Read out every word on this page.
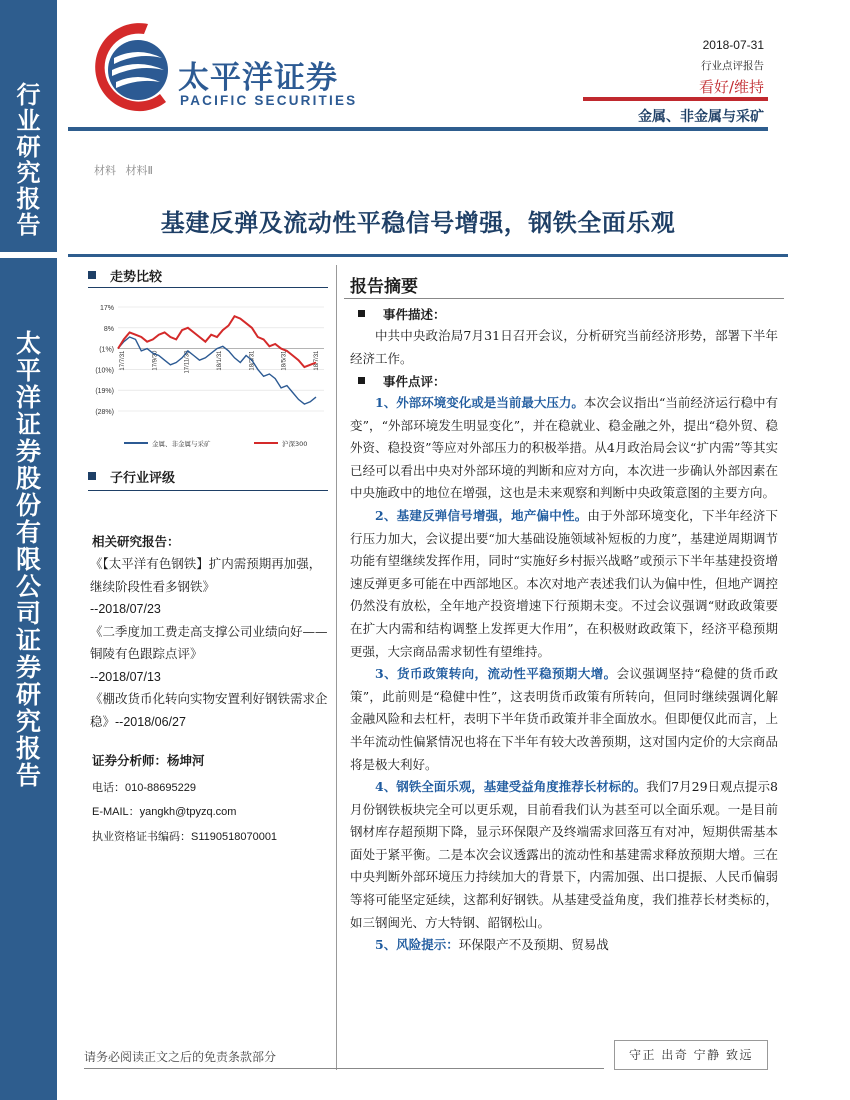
行
业
研
究
报
告
太
平
洋
证
券
股
份
有
限
公
司
证
券
研
究
报
告
太平洋证券
PACIFIC SECURITIES
2018-07-31
行业点评报告
看好/维持
金属、非金属与采矿
材料 材料Ⅱ
基建反弹及流动性平稳信号增强，钢铁全面乐观
走势比较
17%
8%
(1%)
(10%)
(19%)
(28%)
17/7/31	17/9/30	17/11/30	18/1/31	18/3/31	18/5/31	18/7/31
金属、非金属与采矿	沪深300
子行业评级
相关研究报告：
《【太平洋有色钢铁】扩内需预期再加强，继续阶段性看多钢铁》
--2018/07/23
《二季度加工费走高支撑公司业绩向好——铜陵有色跟踪点评》
--2018/07/13
《棚改货币化转向实物安置利好钢铁需求企稳》--2018/06/27
证券分析师：杨坤河
电话：010-88695229
E-MAIL：yangkh@tpyzq.com
执业资格证书编码：S1190518070001
报告摘要
事件描述：

中共中央政治局7月31日召开会议，分析研究当前经济形势，部署下半年经济工作。

事件点评：

1、外部环境变化或是当前最大压力。本次会议指出“当前经济运行稳中有变”，“外部环境发生明显变化”，并在稳就业、稳金融之外，提出“稳外贸、稳外资、稳投资”等应对外部压力的积极举措。从4月政治局会议“扩内需”等其实已经可以看出中央对外部环境的判断和应对方向，本次进一步确认外部因素在中央施政中的地位在增强，这也是未来观察和判断中央政策意图的主要方向。

2、基建反弹信号增强，地产偏中性。由于外部环境变化，下半年经济下行压力加大，会议提出要“加大基础设施领域补短板的力度”，基建逆周期调节功能有望继续发挥作用，同时“实施好乡村振兴战略”或预示下半年基建投资增速反弹更多可能在中西部地区。本次对地产表述我们认为偏中性，但地产调控仍然没有放松，全年地产投资增速下行预期未变。不过会议强调“财政政策要在扩大内需和结构调整上发挥更大作用”，在积极财政政策下，经济平稳预期更强，大宗商品需求韧性有望维持。

3、货币政策转向，流动性平稳预期大增。会议强调坚持“稳健的货币政策”，此前则是“稳健中性”，这表明货币政策有所转向，但同时继续强调化解金融风险和去杠杆，表明下半年货币政策并非全面放水。但即便仅此而言，上半年流动性偏紧情况也将在下半年有较大改善预期，这对国内定价的大宗商品将是极大利好。

4、钢铁全面乐观，基建受益角度推荐长材标的。我们7月29日观点提示8月份钢铁板块完全可以更乐观，目前看我们认为甚至可以全面乐观。一是目前钢材库存超预期下降，显示环保限产及终端需求回落互有对冲，短期供需基本面处于紧平衡。二是本次会议透露出的流动性和基建需求释放预期大增。三在中央判断外部环境压力持续加大的背景下，内需加强、出口提振、人民币偏弱等将可能坚定延续，这都利好钢铁。从基建受益角度，我们推荐长材类标的，如三钢闽光、方大特钢、韶钢松山。

5、风险提示：环保限产不及预期、贸易战

请务必阅读正文之后的免责条款部分	守正 出奇 宁静 致远
